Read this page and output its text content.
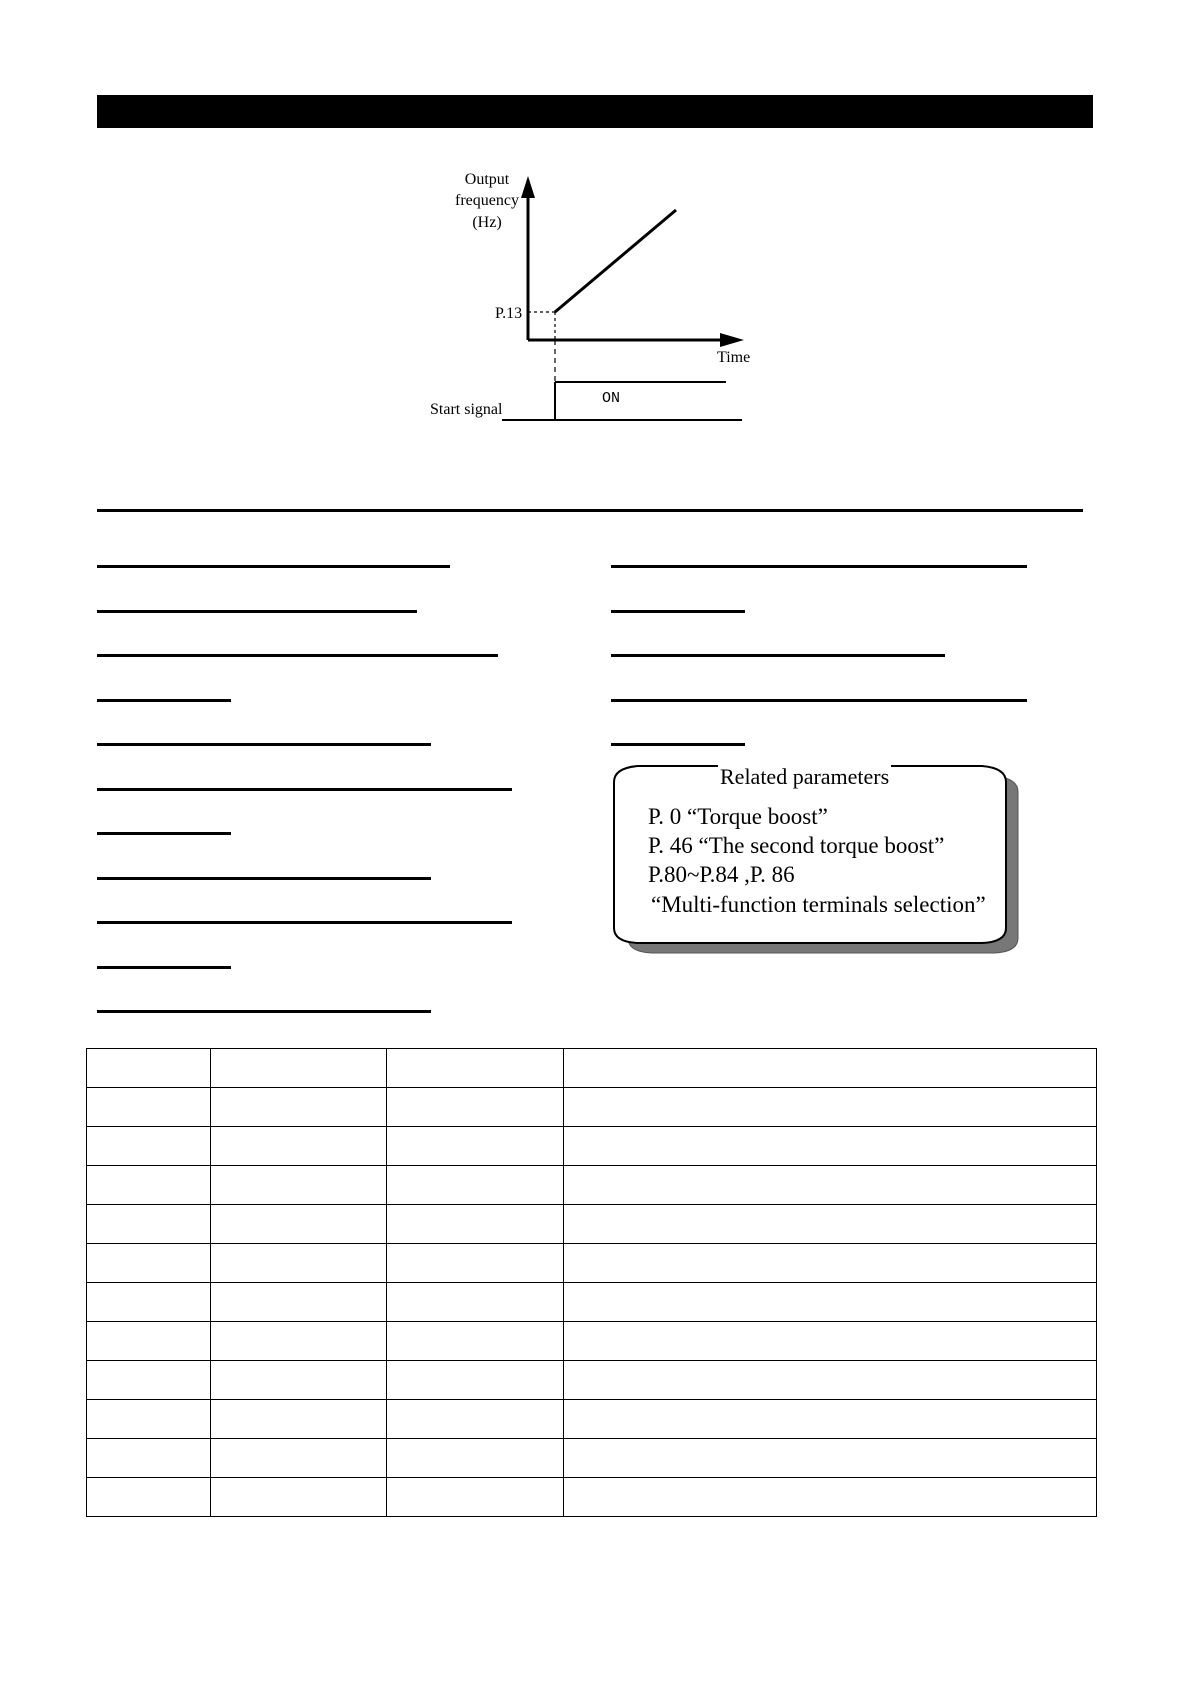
Output
frequency
(Hz)
Time
P.13
Start signal
ON
Related parameters
P. 0 “Torque boost”
P. 46 “The second torque boost”
P.80~P.84 ,P. 86
“Multi-function terminals selection”
